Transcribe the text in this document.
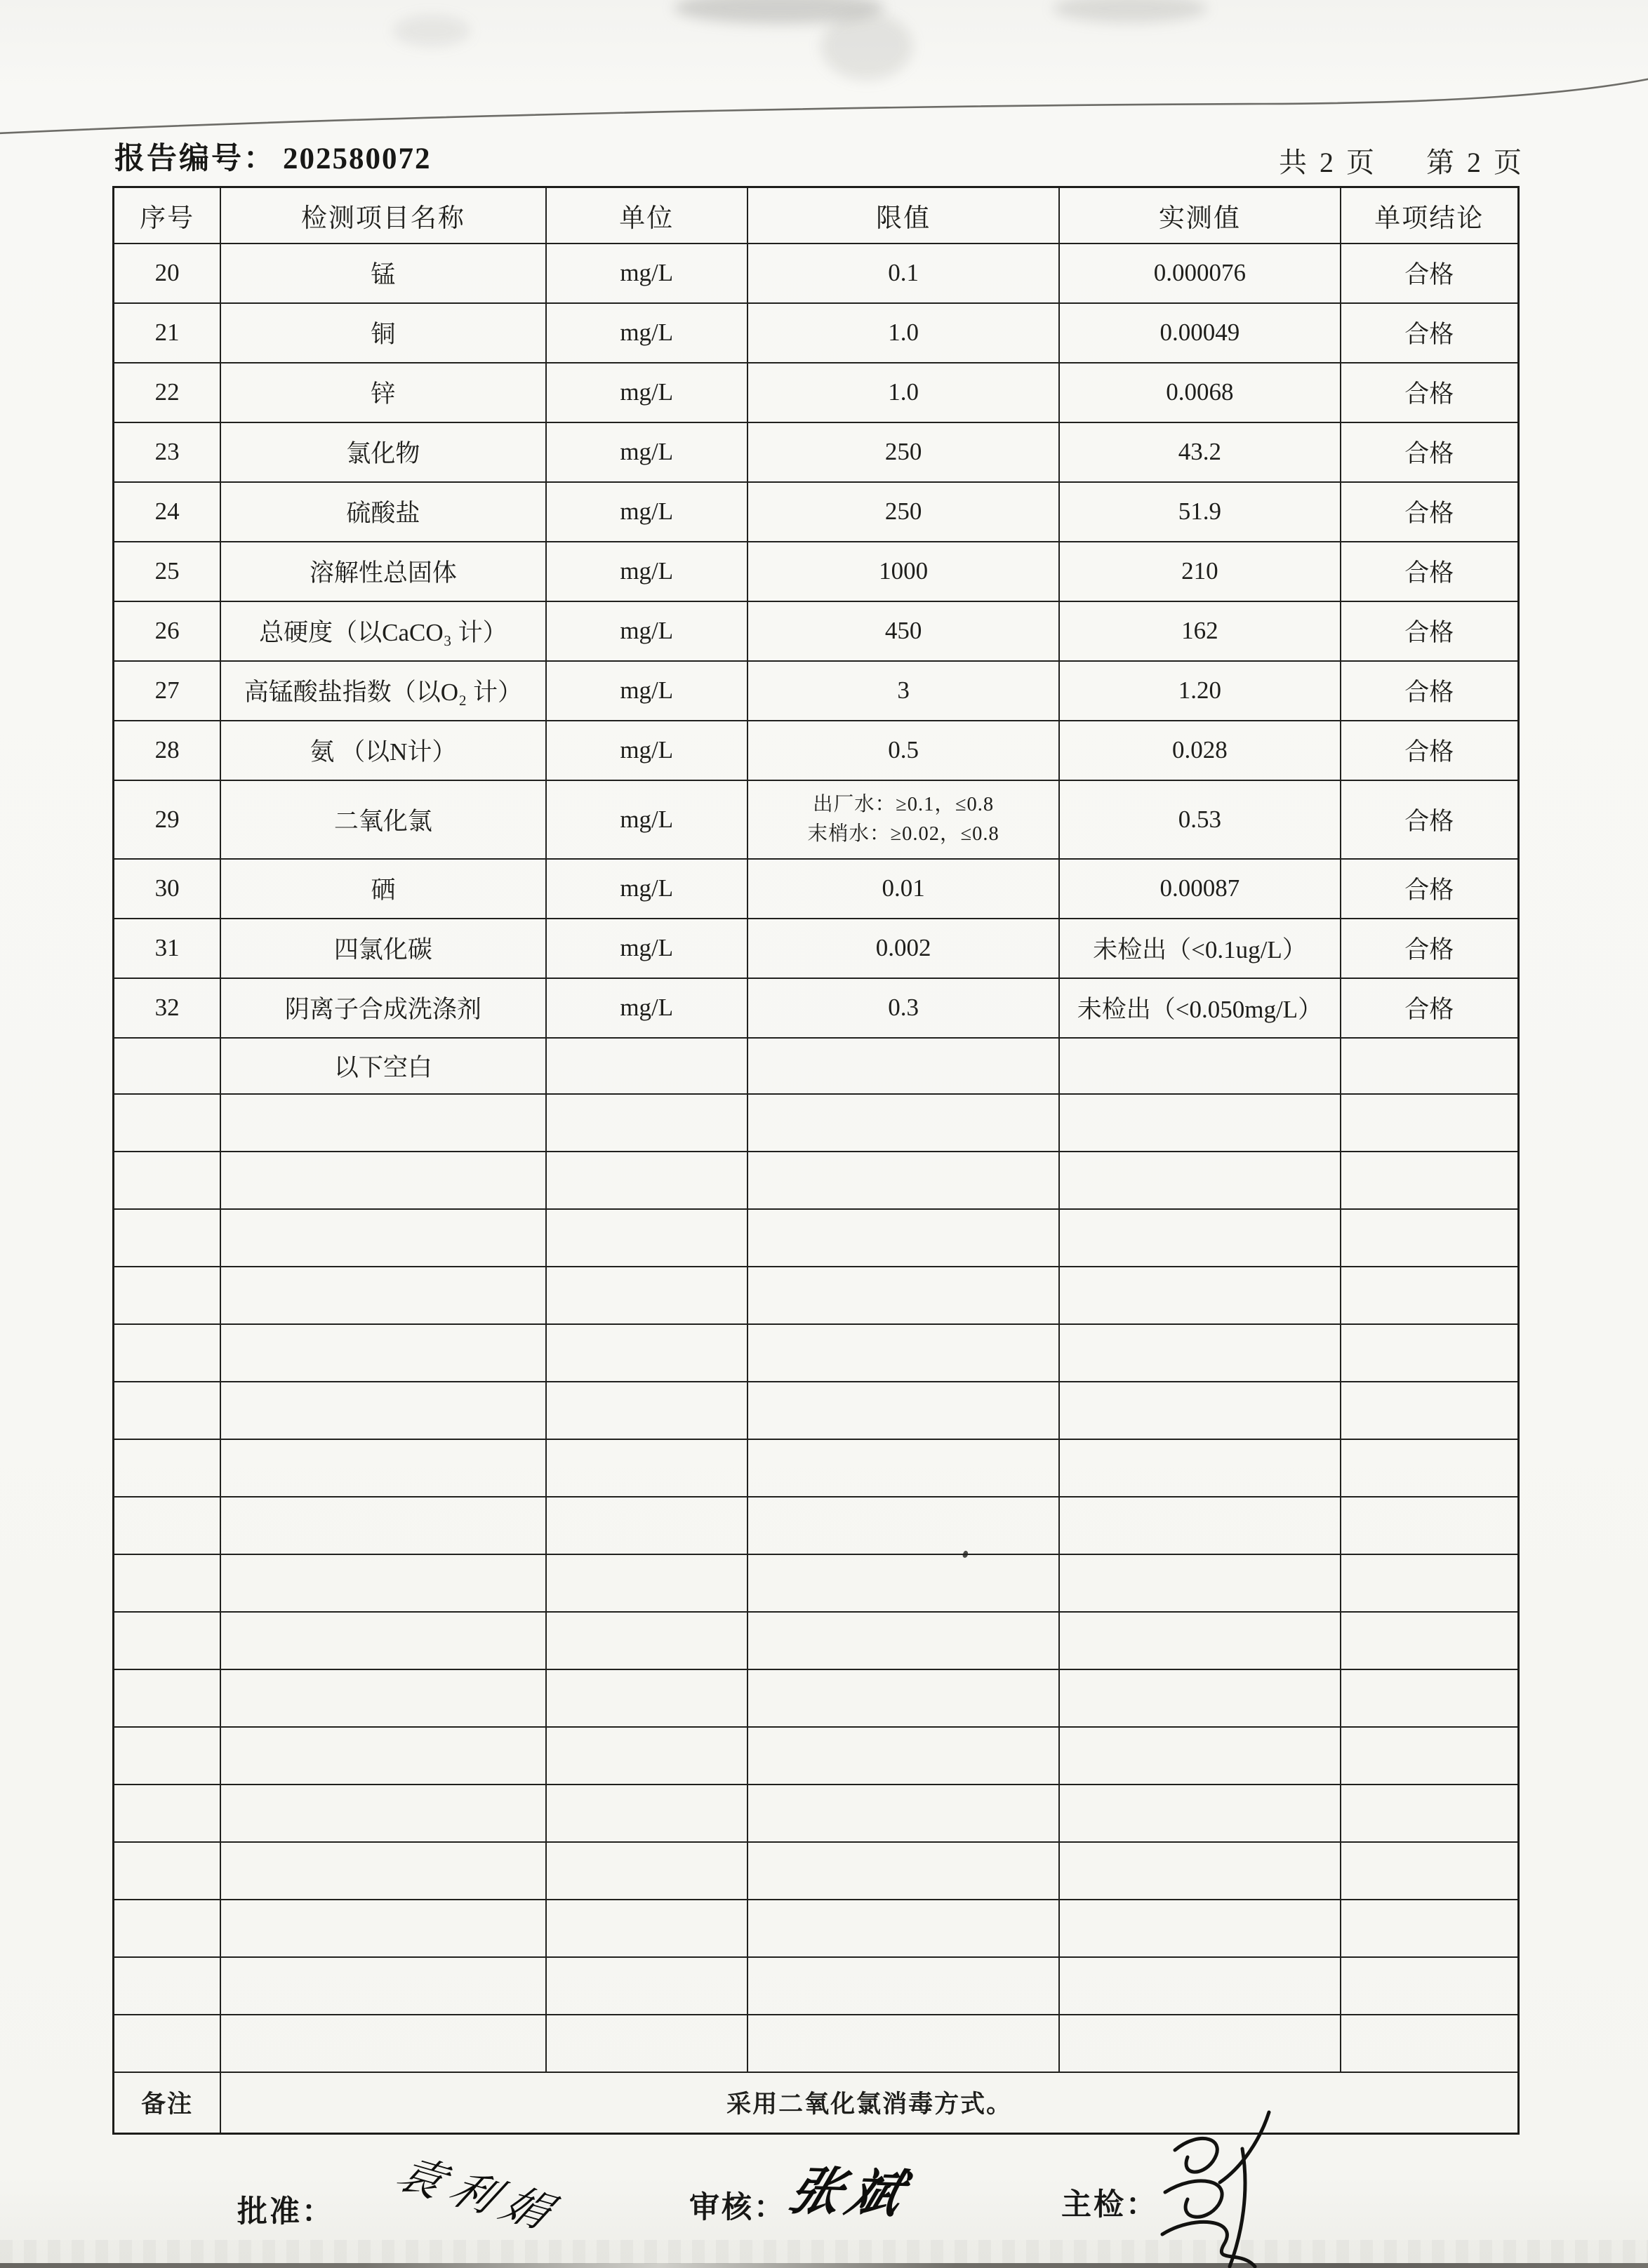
报告编号： 202580072	共 2 页 第 2 页
序号	检测项目名称	单位	限值	实测值	单项结论
20	锰	mg/L	0.1	0.000076	合格
21	铜	mg/L	1.0	0.00049	合格
22	锌	mg/L	1.0	0.0068	合格
23	氯化物	mg/L	250	43.2	合格
24	硫酸盐	mg/L	250	51.9	合格
25	溶解性总固体	mg/L	1000	210	合格
26	总硬度（以CaCO₃ 计）	mg/L	450	162	合格
27	高锰酸盐指数（以O₂ 计）	mg/L	3	1.20	合格
28	氨 （以N计）	mg/L	0.5	0.028	合格
29	二氧化氯	mg/L	出厂水：≥0.1，≤0.8
末梢水：≥0.02，≤0.8	0.53	合格
30	硒	mg/L	0.01	0.00087	合格
31	四氯化碳	mg/L	0.002	未检出（<0.1ug/L）	合格
32	阴离子合成洗涤剂	mg/L	0.3	未检出（<0.050mg/L）	合格
	以下空白				

备注	采用二氧化氯消毒方式。				
批准： 袁利娟	审核：
张斌	主检：
